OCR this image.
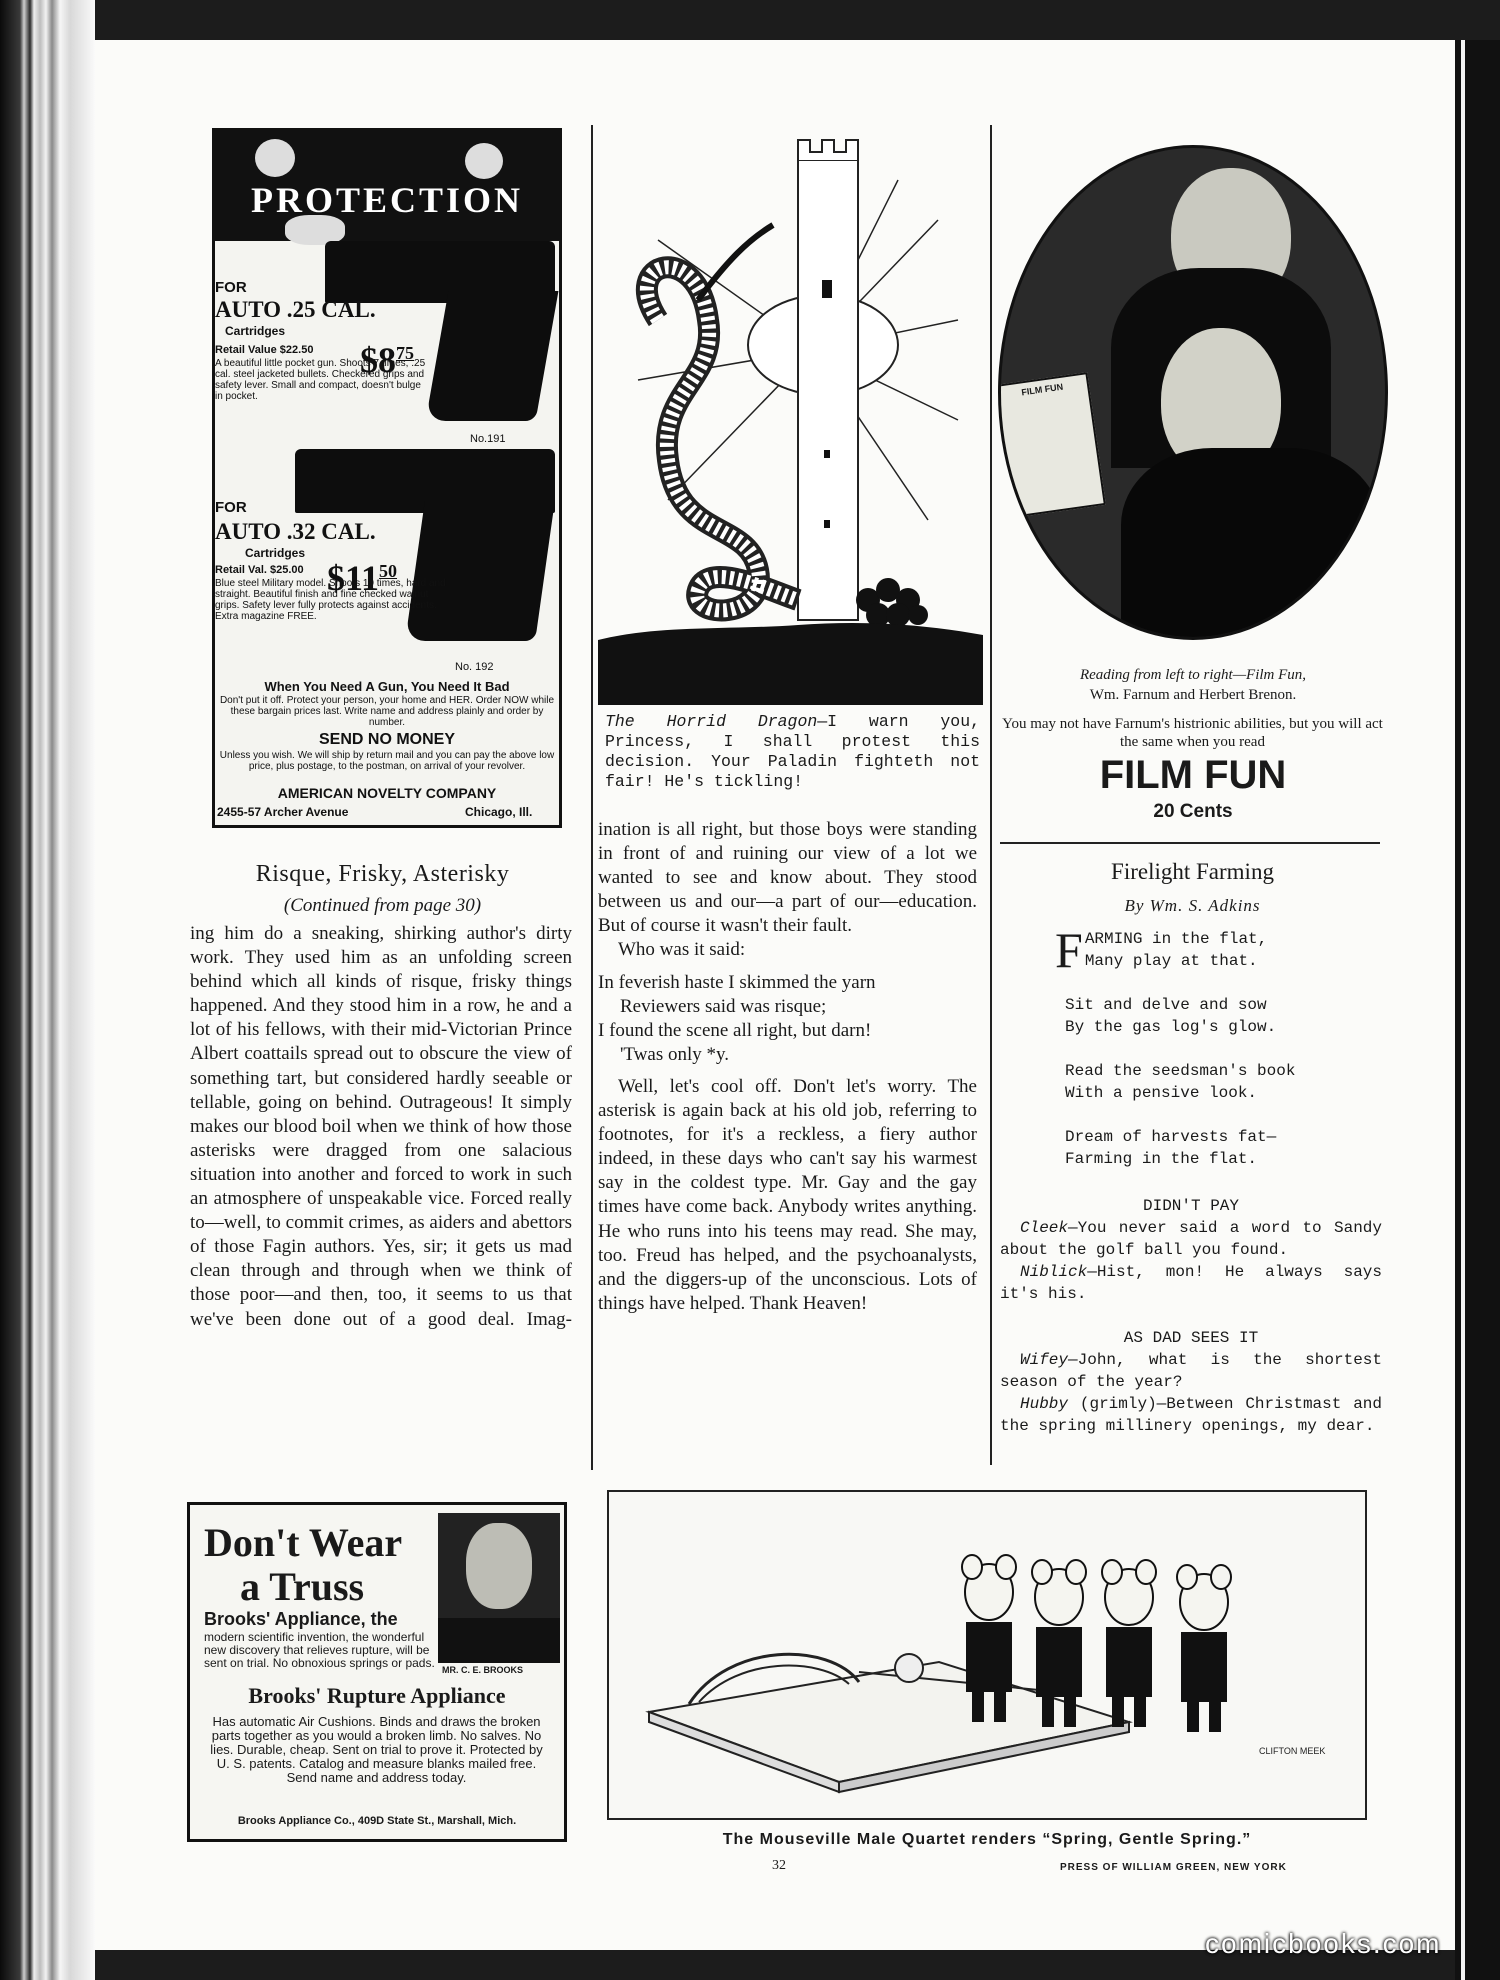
PROTECTION
FOR
AUTO .25 CAL.
Cartridges
Retail Value $22.50 $\$8^{75}$
A beautiful little pocket gun. Shoots 7 times, .25 cal. steel jacketed bullets. Checkered grips and safety lever. Small and compact, doesn't bulge in pocket.
No.191
FOR
AUTO .32 CAL.
Cartridges
Retail Val. $25.00 $\$11^{50}$
Blue steel Military model. Shoots 10 times, hard and straight. Beautiful finish and fine checked walnut grips. Safety lever fully protects against accidents. Extra magazine FREE.
No. 192
When You Need A Gun, You Need It Bad
Don't put it off. Protect your person, your home and HER. Order NOW while these bargain prices last. Write name and address plainly and order by number.
SEND NO MONEY
Unless you wish. We will ship by return mail and you can pay the above low price, plus postage, to the postman, on arrival of your revolver.
AMERICAN NOVELTY COMPANY
2455-57 Archer Avenue	Chicago, Ill.
Risque, Frisky, Asterisky
(Continued from page 30)

ing him do a sneaking, shirking author's dirty work. They used him as an unfolding screen behind which all kinds of risque, frisky things happened. And they stood him in a row, he and a lot of his fellows, with their mid-Victorian Prince Albert coattails spread out to obscure the view of something tart, but considered hardly seeable or tellable, going on behind. Outrageous! It simply makes our blood boil when we think of how those asterisks were dragged from one salacious situation into another and forced to work in such an atmosphere of unspeakable vice. Forced really to—well, to commit crimes, as aiders and abettors of those Fagin authors. Yes, sir; it gets us mad clean through and through when we think of those poor—and then, too, it seems to us that we've been done out of a good deal. Imag-

Don't Wear
a Truss
MR. C. E. BROOKS
Brooks' Appliance, the
modern scientific invention, the wonderful new discovery that relieves rupture, will be sent on trial. No obnoxious springs or pads.
Brooks' Rupture Appliance
Has automatic Air Cushions. Binds and draws the broken parts together as you would a broken limb. No salves. No lies. Durable, cheap. Sent on trial to prove it. Protected by U. S. patents. Catalog and measure blanks mailed free. Send name and address today.
Brooks Appliance Co., 409D State St., Marshall, Mich.
The Horrid Dragon—I warn you, Princess, I shall protest this decision. Your Paladin fighteth not fair! He's tickling!

ination is all right, but those boys were standing in front of and ruining our view of a lot we wanted to see and know about. They stood between us and our—a part of our—education. But of course it wasn't their fault.

Who was it said:

In feverish haste I skimmed the yarn
Reviewers said was risque;
I found the scene all right, but darn!
'Twas only *y.

Well, let's cool off. Don't let's worry. The asterisk is again back at his old job, referring to footnotes, for it's a reckless, a fiery author indeed, in these days who can't say his warmest say in the coldest type. Mr. Gay and the gay times have come back. Anybody writes anything. He who runs into his teens may read. She may, too. Freud has helped, and the psychoanalysts, and the diggers-up of the unconscious. Lots of things have helped. Thank Heaven!

FILM FUN
Reading from left to right—Film Fun,
Wm. Farnum and Herbert Brenon.
You may not have Farnum's histrionic abilities, but you will act the same when you read
FILM FUN
20 Cents
Firelight Farming
By Wm. S. Adkins
F ARMING in the flat,
Many play at that.
Sit and delve and sow
By the gas log's glow.
Read the seedsman's book
With a pensive look.
Dream of harvests fat—
Farming in the flat.
DIDN'T PAY
Cleek—You never said a word to Sandy about the golf ball you found.
Niblick—Hist, mon! He always says it's his.
AS DAD SEES IT
Wifey—John, what is the shortest season of the year?
Hubby (grimly)—Between Christmast and the spring millinery openings, my dear.
CLIFTON MEEK
The Mouseville Male Quartet renders “Spring, Gentle Spring.”
32	PRESS OF WILLIAM GREEN, NEW YORK
comicbooks.com
